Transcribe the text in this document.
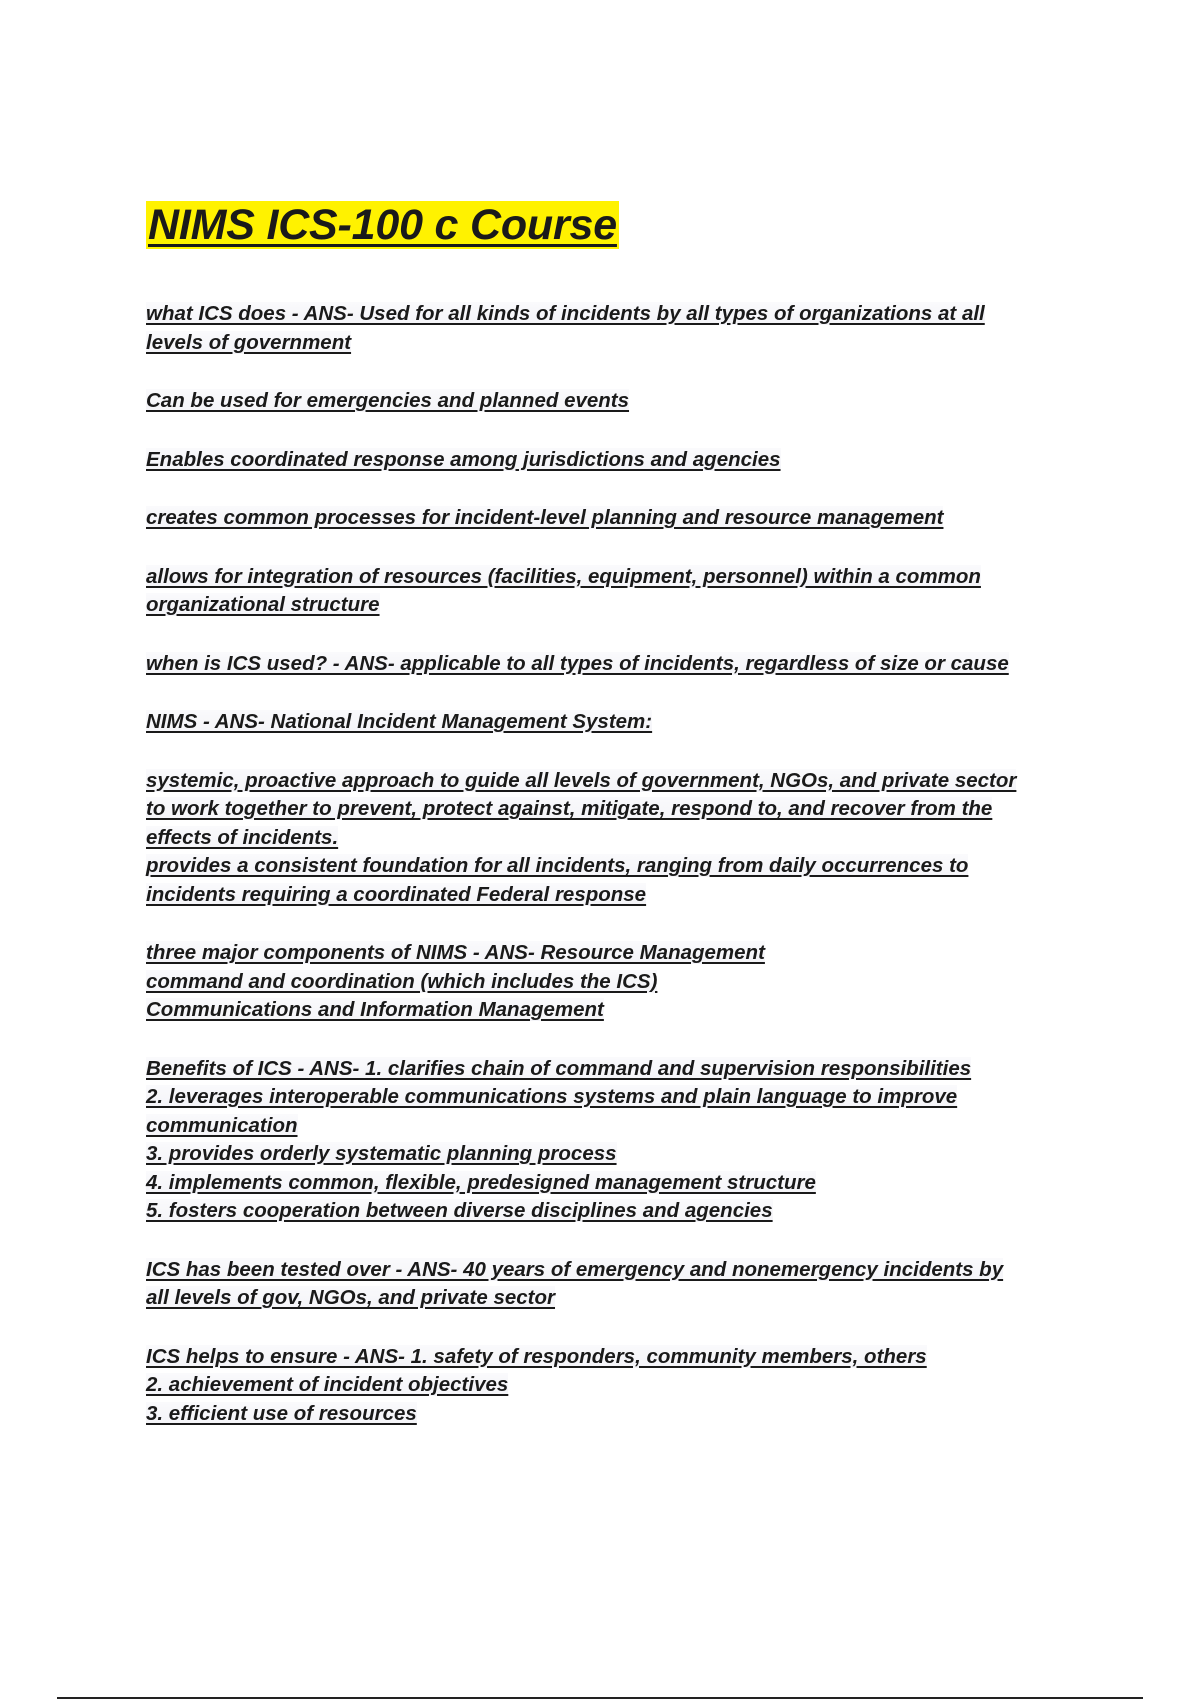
NIMS ICS-100 c Course
what ICS does - ANS- Used for all kinds of incidents by all types of organizations at all
levels of government
Can be used for emergencies and planned events
Enables coordinated response among jurisdictions and agencies
creates common processes for incident-level planning and resource management
allows for integration of resources (facilities, equipment, personnel) within a common
organizational structure
when is ICS used? - ANS- applicable to all types of incidents, regardless of size or cause
NIMS - ANS- National Incident Management System:
systemic, proactive approach to guide all levels of government, NGOs, and private sector
to work together to prevent, protect against, mitigate, respond to, and recover from the
effects of incidents.
provides a consistent foundation for all incidents, ranging from daily occurrences to
incidents requiring a coordinated Federal response
three major components of NIMS - ANS- Resource Management
command and coordination (which includes the ICS)
Communications and Information Management
Benefits of ICS - ANS- 1. clarifies chain of command and supervision responsibilities
2. leverages interoperable communications systems and plain language to improve
communication
3. provides orderly systematic planning process
4. implements common, flexible, predesigned management structure
5. fosters cooperation between diverse disciplines and agencies
ICS has been tested over - ANS- 40 years of emergency and nonemergency incidents by
all levels of gov, NGOs, and private sector
ICS helps to ensure - ANS- 1. safety of responders, community members, others
2. achievement of incident objectives
3. efficient use of resources
